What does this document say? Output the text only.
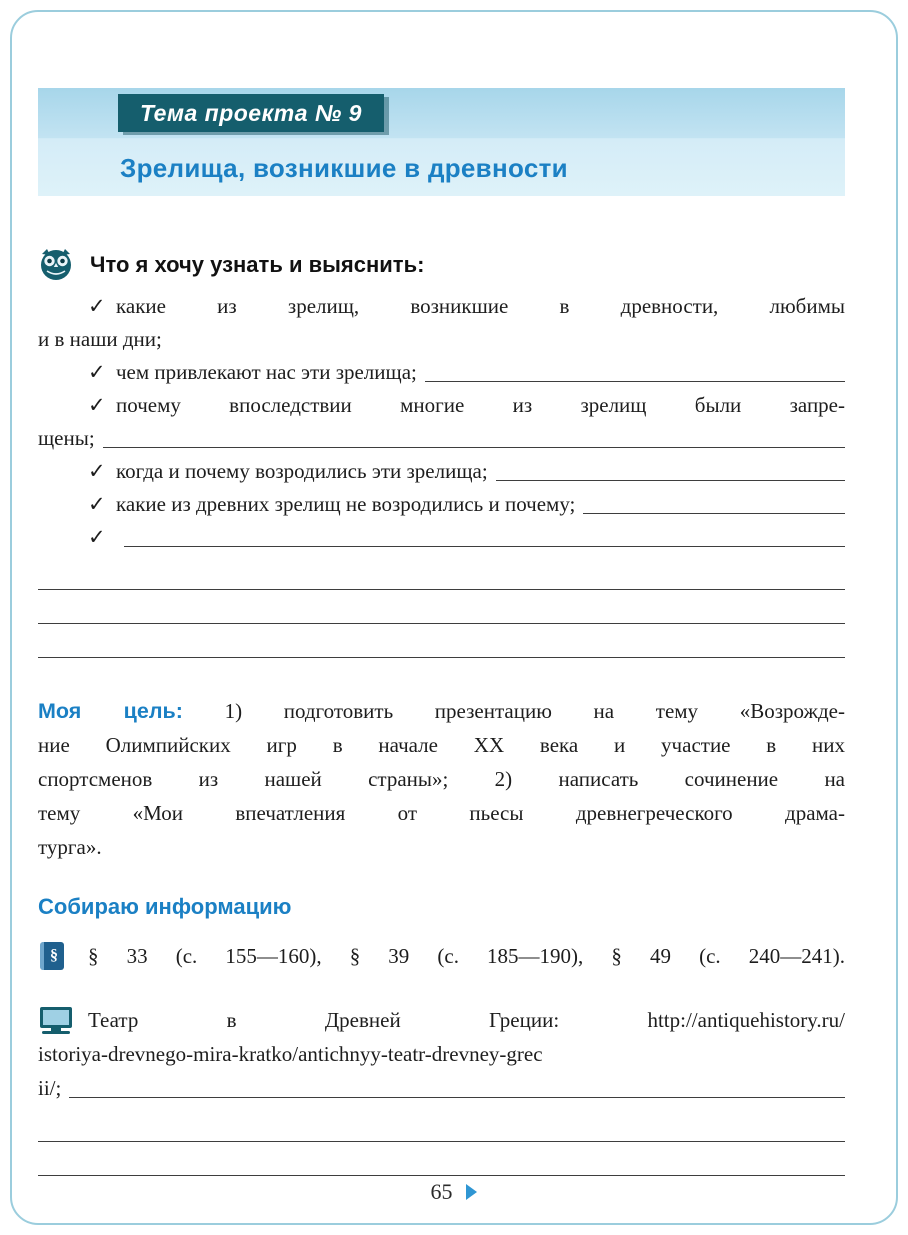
Тема проекта № 9
Зрелища, возникшие в древности
Что я хочу узнать и выяснить:
✓ какие из зрелищ, возникшие в древности, любимы
и в наши дни;
✓ чем привлекают нас эти зрелища;
✓ почему впоследствии многие из зрелищ были запре-
щены;
✓ когда и почему возродились эти зрелища;
✓ какие из древних зрелищ не возродились и почему;
✓
Моя цель: 1) подготовить презентацию на тему «Возрожде-
ние Олимпийских игр в начале XX века и участие в них
спортсменов из нашей страны»; 2) написать сочинение на
тему «Мои впечатления от пьесы древнегреческого драма-
турга».
Собираю информацию
§ § 33 (с. 155—160), § 39 (с. 185—190), § 49 (с. 240—241).
Театр в Древней Греции: http://antiquehistory.ru/
istoriya-drevnego-mira-kratko/antichnyy-teatr-drevney-grec
ii/;
65
